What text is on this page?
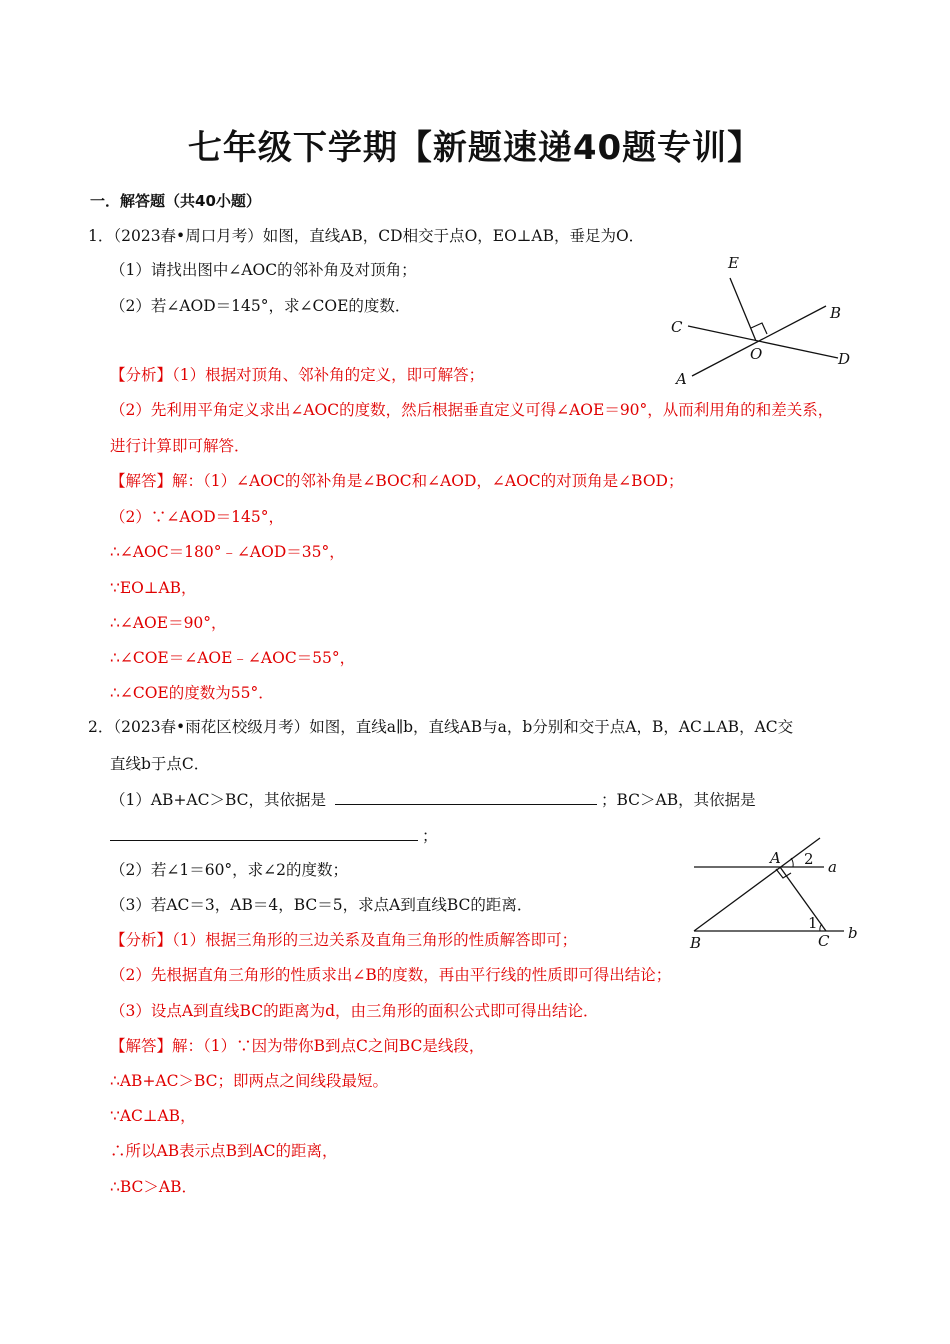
七年级下学期【新题速递40题专训】
一．解答题（共40小题）
1．（2023春•周口月考）如图，直线AB，CD相交于点O，EO⊥AB，垂足为O．
（1）请找出图中∠AOC的邻补角及对顶角；
（2）若∠AOD＝145°，求∠COE的度数．
【分析】（1）根据对顶角、邻补角的定义，即可解答；
（2）先利用平角定义求出∠AOC的度数，然后根据垂直定义可得∠AOE＝90°，从而利用角的和差关系，
进行计算即可解答．
【解答】解：（1）∠AOC的邻补角是∠BOC和∠AOD，∠AOC的对顶角是∠BOD；
（2）∵∠AOD＝145°，
∴∠AOC＝180°﹣∠AOD＝35°，
∵EO⊥AB，
∴∠AOE＝90°，
∴∠COE＝∠AOE﹣∠AOC＝55°，
∴∠COE的度数为55°．
E
B
C
O	D
A
2．（2023春•雨花区校级月考）如图，直线a∥b，直线AB与a，b分别和交于点A，B，AC⊥AB，AC交
直线b于点C．
（1）AB+AC＞BC，其依据是	；BC＞AB，其依据是
；
（2）若∠1＝60°，求∠2的度数；
（3）若AC＝3，AB＝4，BC＝5，求点A到直线BC的距离．
【分析】（1）根据三角形的三边关系及直角三角形的性质解答即可；
（2）先根据直角三角形的性质求出∠B的度数，再由平行线的性质即可得出结论；
（3）设点A到直线BC的距离为d，由三角形的面积公式即可得出结论．
【解答】解：（1）∵因为带你B到点C之间BC是线段，
∴AB+AC＞BC；即两点之间线段最短。
∵AC⊥AB，
∴所以AB表示点B到AC的距离，
∴BC＞AB．
A 2 a
1
B	C b
